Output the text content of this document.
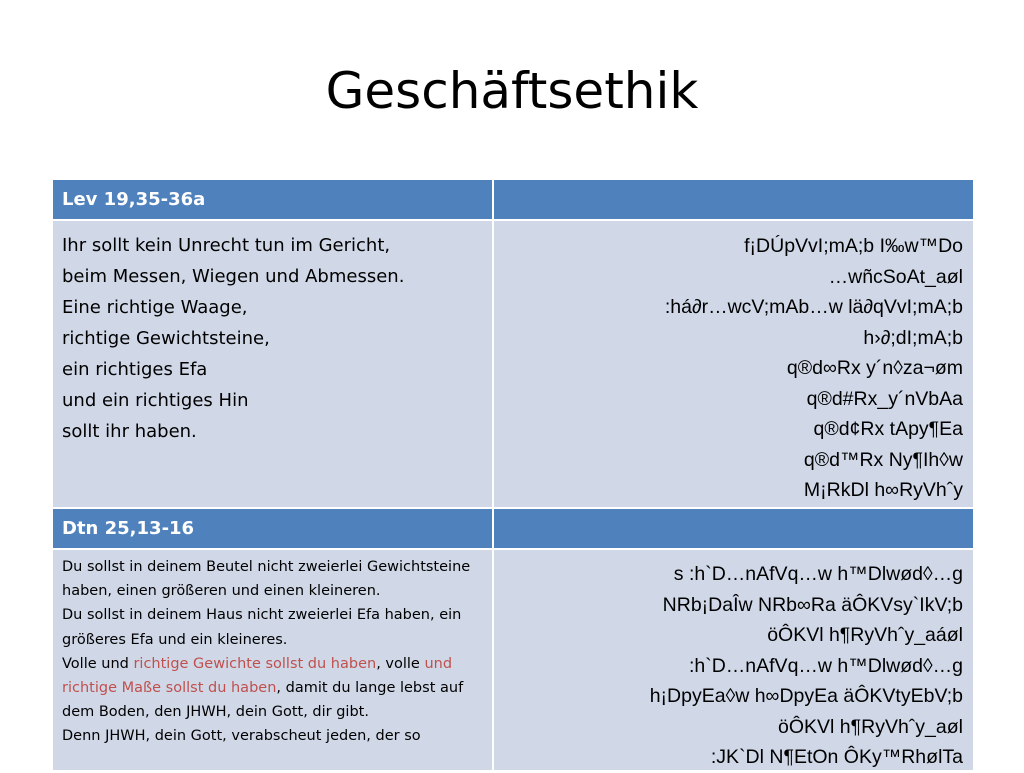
Geschäftsethik
Lev 19,35-36a
Ihr sollt kein Unrecht tun im Gericht,
beim Messen, Wiegen und Abmessen.
Eine richtige Waage,
richtige Gewichtsteine,
ein richtiges Efa
und ein richtiges Hin
sollt ihr haben.
f¡DÚpVvI;mA;b I‰w™Do
…wñcSoAt_aøl
:há∂r…wcV;mAb…w lä∂qVvI;mA;b
h›∂;dI;mA;b
q®d∞Rx y´n◊za¬øm
q®d#Rx_y´nVbAa
q®d¢Rx tApy¶Ea
q®d™Rx Ny¶Ih◊w
M¡RkDl h∞RyVhˆy
Dtn 25,13-16
Du sollst in deinem Beutel nicht zweierlei Gewichtsteine haben, einen größeren und einen kleineren.
Du sollst in deinem Haus nicht zweierlei Efa haben, ein größeres Efa und ein kleineres.
Volle und richtige Gewichte sollst du haben, volle und richtige Maße sollst du haben, damit du lange lebst auf dem Boden, den JHWH, dein Gott, dir gibt.
Denn JHWH, dein Gott, verabscheut jeden, der so
s :h`D…nAfVq…w h™Dlwød◊…g
NRb¡DaÎw NRb∞Ra äÔKVsy`IkV;b
öÔKVl h¶RyVhˆy_aáøl
:h`D…nAfVq…w h™Dlwød◊…g
h¡DpyEa◊w h∞DpyEa äÔKVtyEbV;b
öÔKVl h¶RyVhˆy_aøl
:JK`Dl N¶EtOn ÔKy™RhølTa
